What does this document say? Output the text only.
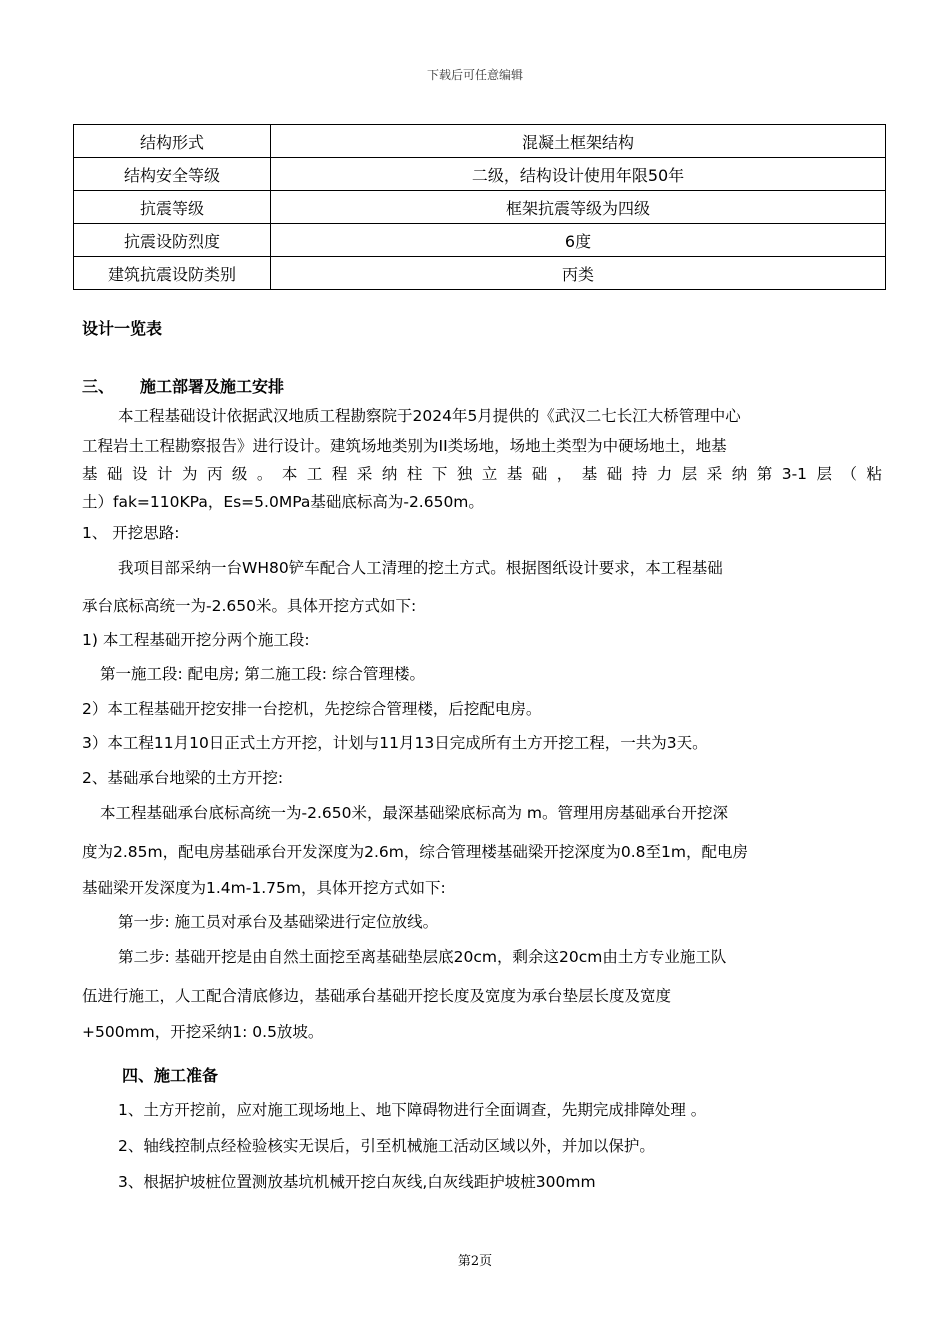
下载后可任意编辑
结构形式	混凝土框架结构
结构安全等级	二级，结构设计使用年限50年
抗震等级	框架抗震等级为四级
抗震设防烈度	6度
建筑抗震设防类别	丙类
设计一览表
三、 施工部署及施工安排
本工程基础设计依据武汉地质工程勘察院于2024年5月提供的《武汉二七长江大桥管理中心
工程岩土工程勘察报告》进行设计。建筑场地类别为II类场地，场地土类型为中硬场地土，地基
基础设计为丙级。本工程采纳柱下独立基础，基础持力层采纳第3-1层（粘
土）fak=110KPa，Es=5.0MPa基础底标高为-2.650m。
1、 开挖思路:
我项目部采纳一台WH80铲车配合人工清理的挖土方式。根据图纸设计要求，本工程基础
承台底标高统一为-2.650米。具体开挖方式如下:
1) 本工程基础开挖分两个施工段:
第一施工段: 配电房; 第二施工段: 综合管理楼。
2）本工程基础开挖安排一台挖机，先挖综合管理楼，后挖配电房。
3）本工程11月10日正式土方开挖，计划与11月13日完成所有土方开挖工程，一共为3天。
2、基础承台地梁的土方开挖:
本工程基础承台底标高统一为-2.650米，最深基础梁底标高为 m。管理用房基础承台开挖深
度为2.85m，配电房基础承台开发深度为2.6m，综合管理楼基础梁开挖深度为0.8至1m，配电房
基础梁开发深度为1.4m-1.75m，具体开挖方式如下:
第一步: 施工员对承台及基础梁进行定位放线。
第二步: 基础开挖是由自然土面挖至离基础垫层底20cm，剩余这20cm由土方专业施工队
伍进行施工，人工配合清底修边，基础承台基础开挖长度及宽度为承台垫层长度及宽度
+500mm，开挖采纳1: 0.5放坡。
四、施工准备
1、土方开挖前，应对施工现场地上、地下障碍物进行全面调查，先期完成排障处理 。
2、轴线控制点经检验核实无误后，引至机械施工活动区域以外，并加以保护。
3、根据护坡桩位置测放基坑机械开挖白灰线,白灰线距护坡桩300mm
第2页
